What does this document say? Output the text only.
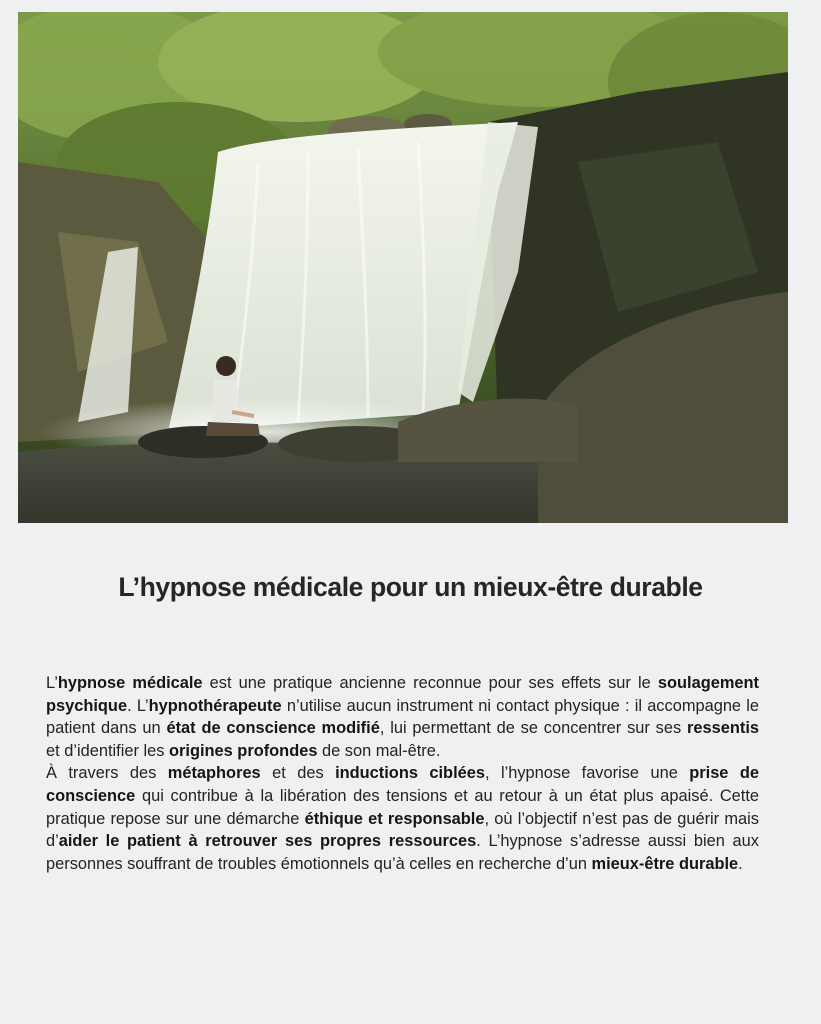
L’hypnose médicale pour un mieux-être durable

L’hypnose médicale est une pratique ancienne reconnue pour ses effets sur le soulagement psychique. L’hypnothérapeute n’utilise aucun instrument ni contact physique : il accompagne le patient dans un état de conscience modifié, lui permettant de se concentrer sur ses ressentis et d’identifier les origines profondes de son mal-être.

À travers des métaphores et des inductions ciblées, l’hypnose favorise une prise de conscience qui contribue à la libération des tensions et au retour à un état plus apaisé. Cette pratique repose sur une démarche éthique et responsable, où l’objectif n’est pas de guérir mais d’aider le patient à retrouver ses propres ressources. L’hypnose s’adresse aussi bien aux personnes souffrant de troubles émotionnels qu’à celles en recherche d’un mieux-être durable.
